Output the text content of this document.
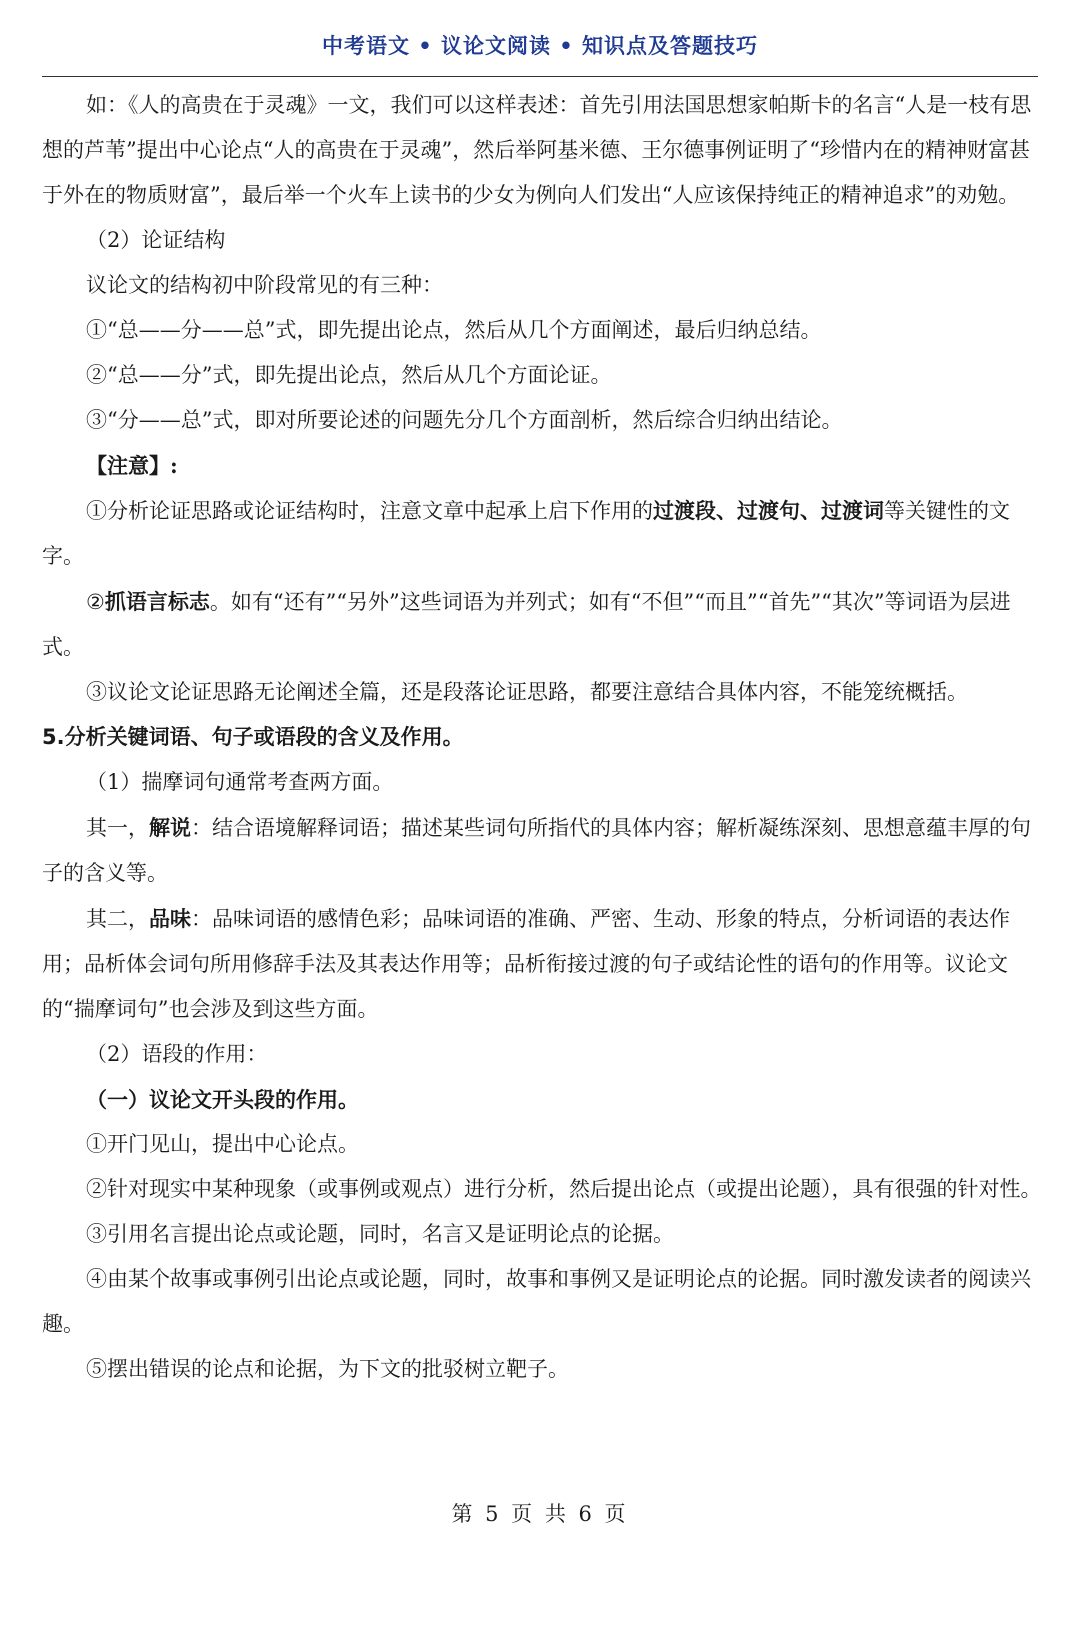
中考语文 • 议论文阅读 • 知识点及答题技巧

如：《人的高贵在于灵魂》一文，我们可以这样表述：首先引用法国思想家帕斯卡的名言“人是一枝有思想的芦苇”提出中心论点“人的高贵在于灵魂”，然后举阿基米德、王尔德事例证明了“珍惜内在的精神财富甚于外在的物质财富”，最后举一个火车上读书的少女为例向人们发出“人应该保持纯正的精神追求”的劝勉。

（2）论证结构

议论文的结构初中阶段常见的有三种：

①“总——分——总”式，即先提出论点，然后从几个方面阐述，最后归纳总结。

②“总——分”式，即先提出论点，然后从几个方面论证。

③“分——总”式，即对所要论述的问题先分几个方面剖析，然后综合归纳出结论。

【注意】:

①分析论证思路或论证结构时，注意文章中起承上启下作用的过渡段、过渡句、过渡词等关键性的文字。

②抓语言标志。如有“还有”“另外”这些词语为并列式；如有“不但”“而且”“首先”“其次”等词语为层进式。

③议论文论证思路无论阐述全篇，还是段落论证思路，都要注意结合具体内容，不能笼统概括。

5.分析关键词语、句子或语段的含义及作用。

（1）揣摩词句通常考查两方面。

其一，解说：结合语境解释词语；描述某些词句所指代的具体内容；解析凝练深刻、思想意蕴丰厚的句子的含义等。

其二，品味：品味词语的感情色彩；品味词语的准确、严密、生动、形象的特点，分析词语的表达作用；品析体会词句所用修辞手法及其表达作用等；品析衔接过渡的句子或结论性的语句的作用等。议论文的“揣摩词句”也会涉及到这些方面。

（2）语段的作用：

（一）议论文开头段的作用。

①开门见山，提出中心论点。

②针对现实中某种现象（或事例或观点）进行分析，然后提出论点（或提出论题），具有很强的针对性。

③引用名言提出论点或论题，同时，名言又是证明论点的论据。

④由某个故事或事例引出论点或论题，同时，故事和事例又是证明论点的论据。同时激发读者的阅读兴趣。

⑤摆出错误的论点和论据，为下文的批驳树立靶子。

第 5 页 共 6 页
